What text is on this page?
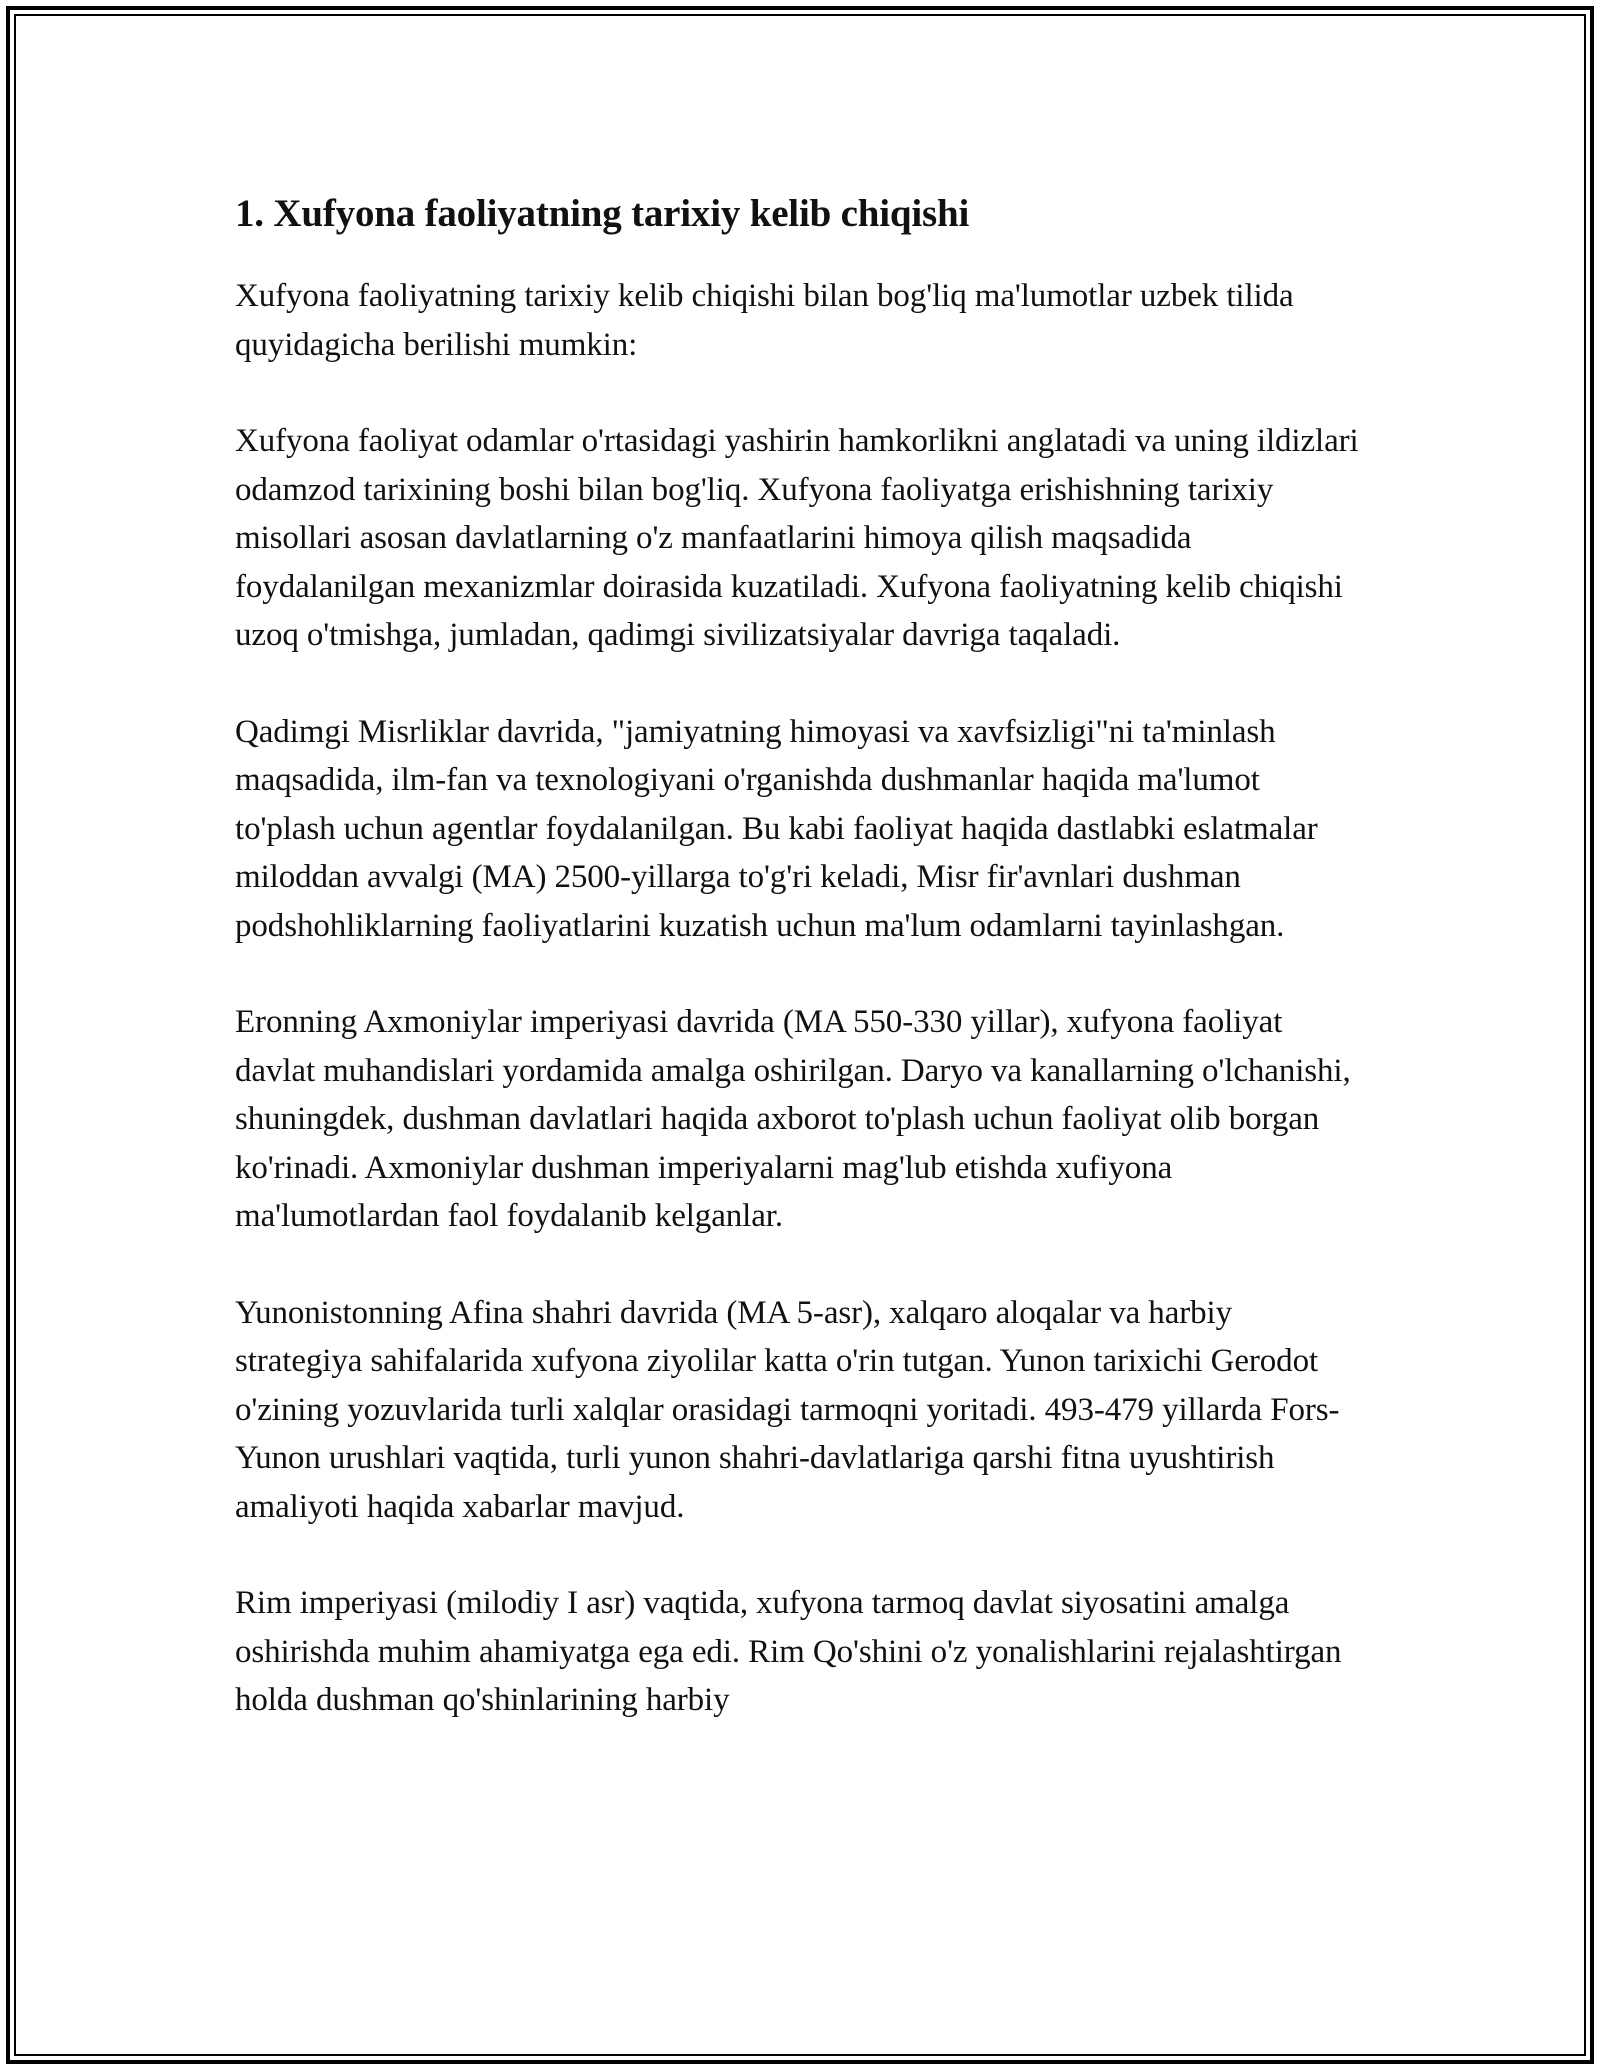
1. Xufyona faoliyatning tarixiy kelib chiqishi

Xufyona faoliyatning tarixiy kelib chiqishi bilan bog'liq ma'lumotlar uzbek tilida quyidagicha berilishi mumkin:

Xufyona faoliyat odamlar o'rtasidagi yashirin hamkorlikni anglatadi va uning ildizlari odamzod tarixining boshi bilan bog'liq. Xufyona faoliyatga erishishning tarixiy misollari asosan davlatlarning o'z manfaatlarini himoya qilish maqsadida foydalanilgan mexanizmlar doirasida kuzatiladi. Xufyona faoliyatning kelib chiqishi uzoq o'tmishga, jumladan, qadimgi sivilizatsiyalar davriga taqaladi.

Qadimgi Misrliklar davrida, "jamiyatning himoyasi va xavfsizligi"ni ta'minlash maqsadida, ilm-fan va texnologiyani o'rganishda dushmanlar haqida ma'lumot to'plash uchun agentlar foydalanilgan. Bu kabi faoliyat haqida dastlabki eslatmalar miloddan avvalgi (MA) 2500-yillarga to'g'ri keladi, Misr fir'avnlari dushman podshohliklarning faoliyatlarini kuzatish uchun ma'lum odamlarni tayinlashgan.

Eronning Axmoniylar imperiyasi davrida (MA 550-330 yillar), xufyona faoliyat davlat muhandislari yordamida amalga oshirilgan. Daryo va kanallarning o'lchanishi, shuningdek, dushman davlatlari haqida axborot to'plash uchun faoliyat olib borgan ko'rinadi. Axmoniylar dushman imperiyalarni mag'lub etishda xufiyona ma'lumotlardan faol foydalanib kelganlar.

Yunonistonning Afina shahri davrida (MA 5-asr), xalqaro aloqalar va harbiy strategiya sahifalarida xufyona ziyolilar katta o'rin tutgan. Yunon tarixichi Gerodot o'zining yozuvlarida turli xalqlar orasidagi tarmoqni yoritadi. 493-479 yillarda Fors-Yunon urushlari vaqtida, turli yunon shahri-davlatlariga qarshi fitna uyushtirish amaliyoti haqida xabarlar mavjud.

Rim imperiyasi (milodiy I asr) vaqtida, xufyona tarmoq davlat siyosatini amalga oshirishda muhim ahamiyatga ega edi. Rim Qo'shini o'z yonalishlarini rejalashtirgan holda dushman qo'shinlarining harbiy
